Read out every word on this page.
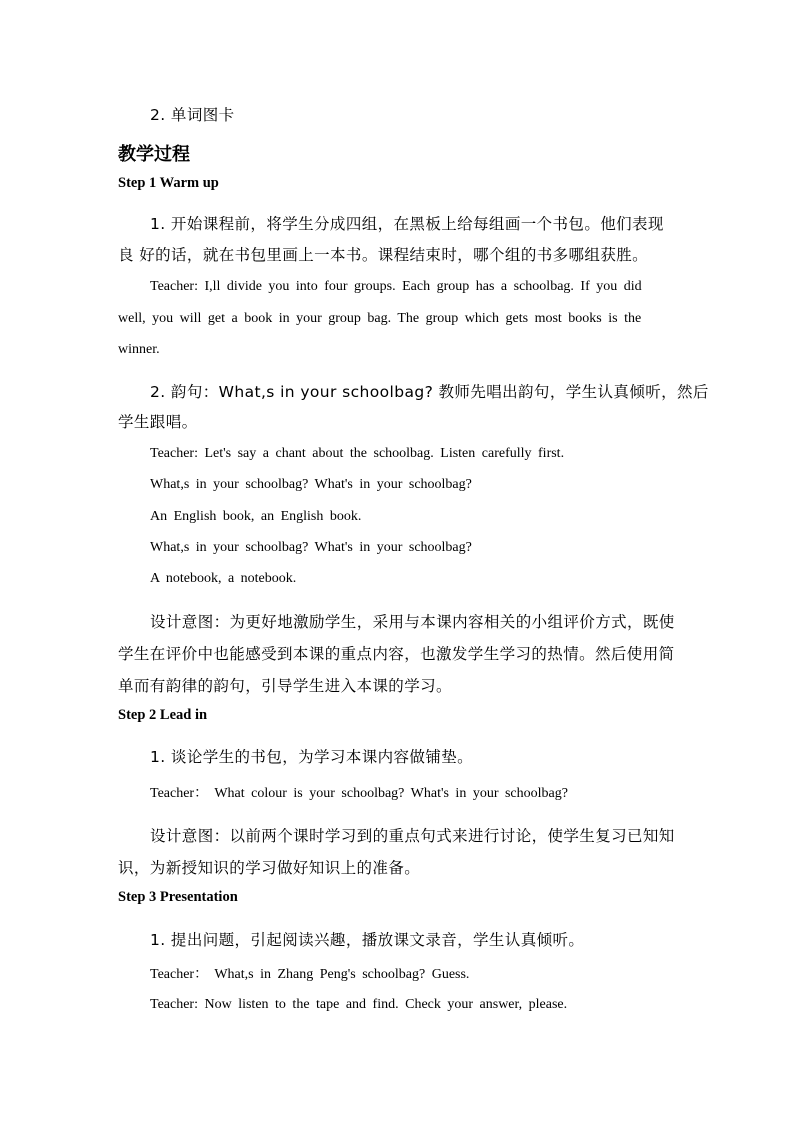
2. 单词图卡

教学过程

Step 1 Warm up

1. 开始课程前，将学生分成四组，在黑板上给每组画一个书包。他们表现

良 好的话，就在书包里画上一本书。课程结束时，哪个组的书多哪组获胜。

Teacher: I,ll divide you into four groups. Each group has a schoolbag. If you did

well, you will get a book in your group bag. The group which gets most books is the

winner.

2. 韵句：What,s in your schoolbag? 教师先唱出韵句，学生认真倾听，然后

学生跟唱。

Teacher: Let's say a chant about the schoolbag. Listen carefully first.

What,s in your schoolbag? What's in your schoolbag?

An English book, an English book.

What,s in your schoolbag? What's in your schoolbag?

A notebook, a notebook.

设计意图：为更好地激励学生，采用与本课内容相关的小组评价方式，既使

学生在评价中也能感受到本课的重点内容，也激发学生学习的热情。然后使用简

单而有韵律的韵句，引导学生进入本课的学习。

Step 2 Lead in

1. 谈论学生的书包，为学习本课内容做铺垫。

Teacher： What colour is your schoolbag? What's in your schoolbag?

设计意图：以前两个课时学习到的重点句式来进行讨论，使学生复习已知知

识，为新授知识的学习做好知识上的准备。

Step 3 Presentation

1. 提出问题，引起阅读兴趣，播放课文录音，学生认真倾听。

Teacher： What,s in Zhang Peng's schoolbag? Guess.

Teacher: Now listen to the tape and find. Check your answer, please.
